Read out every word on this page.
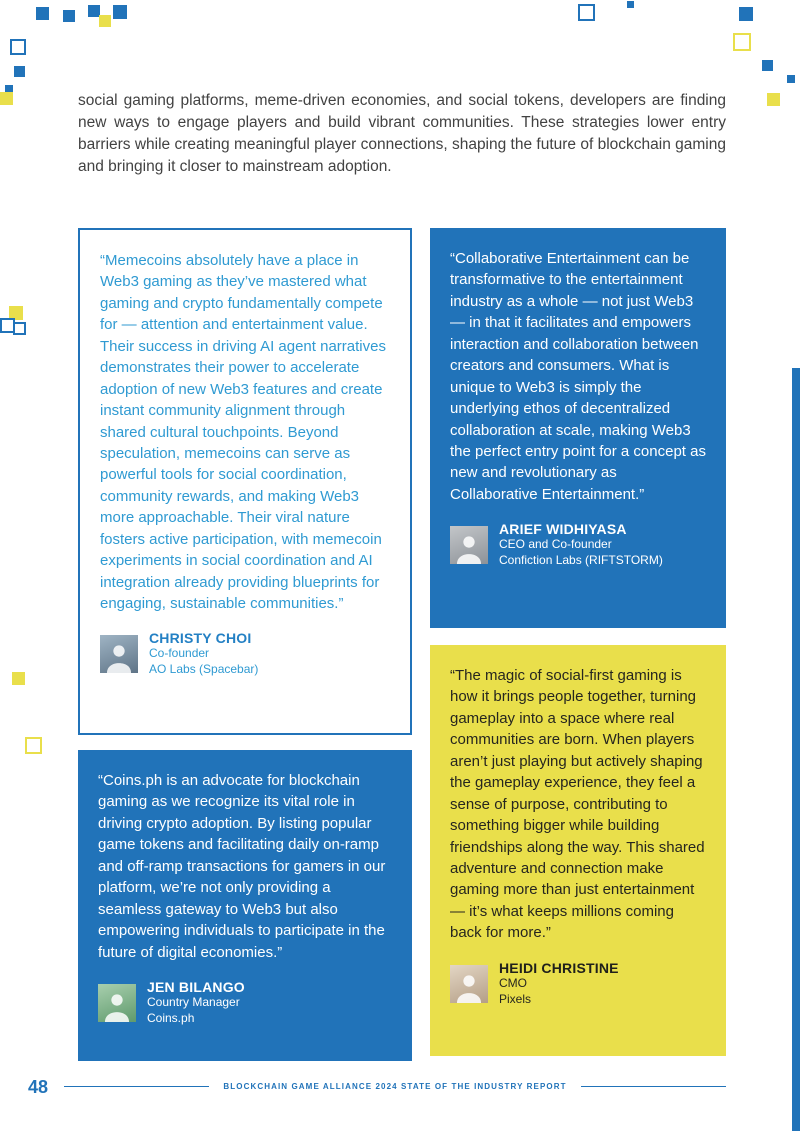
social gaming platforms, meme-driven economies, and social tokens, developers are finding new ways to engage players and build vibrant communities. These strategies lower entry barriers while creating meaningful player connections, shaping the future of blockchain gaming and bringing it closer to mainstream adoption.

“Memecoins absolutely have a place in Web3 gaming as they’ve mastered what gaming and crypto fundamentally compete for — attention and entertainment value. Their success in driving AI agent narratives demonstrates their power to accelerate adoption of new Web3 features and create instant community alignment through shared cultural touchpoints. Beyond speculation, memecoins can serve as powerful tools for social coordination, community rewards, and making Web3 more approachable. Their viral nature fosters active participation, with memecoin experiments in social coordination and AI integration already providing blueprints for engaging, sustainable communities.”

CHRISTY CHOI
Co-founder
AO Labs (Spacebar)

“Collaborative Entertainment can be transformative to the entertainment industry as a whole — not just Web3 — in that it facilitates and empowers interaction and collaboration between creators and consumers. What is unique to Web3 is simply the underlying ethos of decentralized collaboration at scale, making Web3 the perfect entry point for a concept as new and revolutionary as Collaborative Entertainment.”

ARIEF WIDHIYASA
CEO and Co-founder
Confiction Labs (RIFTSTORM)

“Coins.ph is an advocate for blockchain gaming as we recognize its vital role in driving crypto adoption. By listing popular game tokens and facilitating daily on-ramp and off-ramp transactions for gamers in our platform, we’re not only providing a seamless gateway to Web3 but also empowering individuals to participate in the future of digital economies.”

JEN BILANGO
Country Manager
Coins.ph

“The magic of social-first gaming is how it brings people together, turning gameplay into a space where real communities are born. When players aren’t just playing but actively shaping the gameplay experience, they feel a sense of purpose, contributing to something bigger while building friendships along the way. This shared adventure and connection make gaming more than just entertainment — it’s what keeps millions coming back for more.”

HEIDI CHRISTINE
CMO
Pixels
48	BLOCKCHAIN GAME ALLIANCE 2024 STATE OF THE INDUSTRY REPORT
